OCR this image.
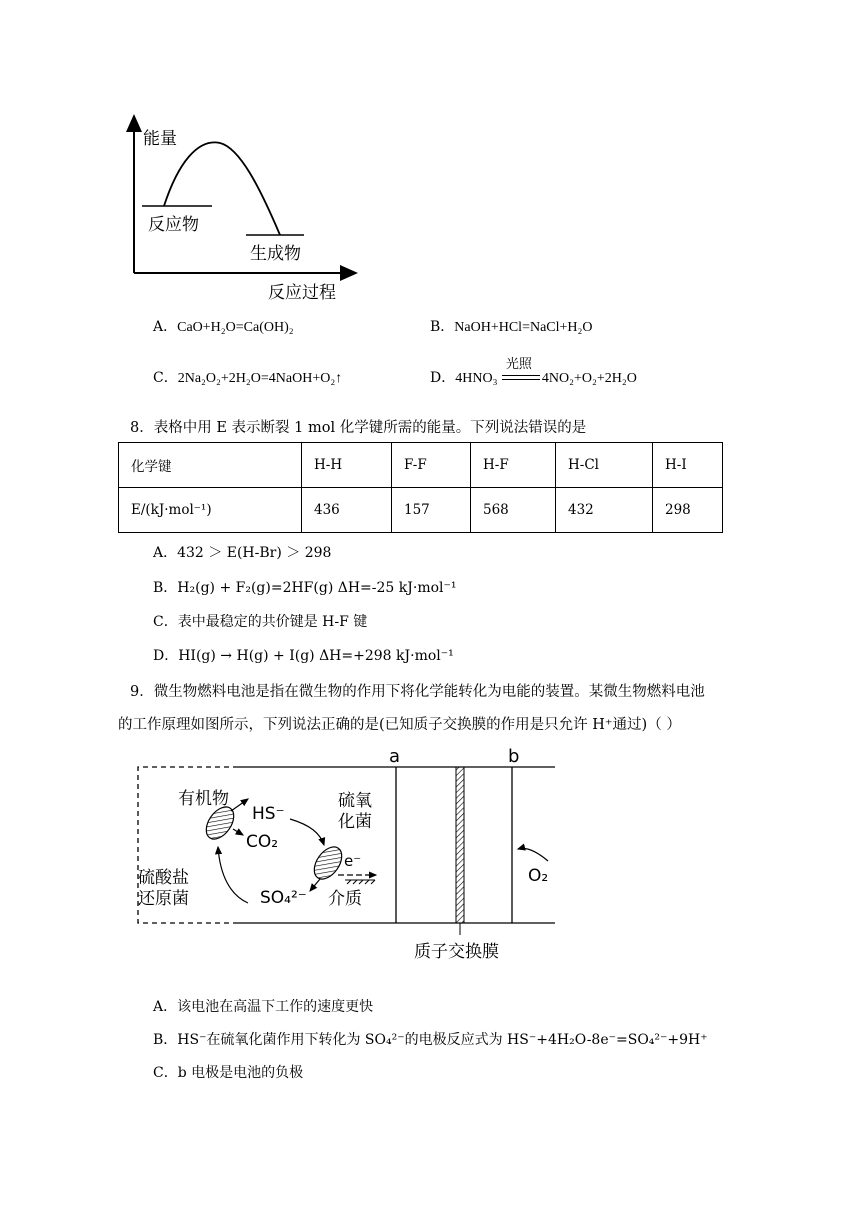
能量
反应物
生成物
反应过程
A．CaO+H₂O=Ca(OH)₂	B．NaOH+HCl=NaCl+H₂O
C．2Na₂O₂+2H₂O=4NaOH+O₂↑	D．4HNO₃
光照
4NO₂+O₂+2H₂O
8．表格中用 E 表示断裂 1 mol 化学键所需的能量。下列说法错误的是
化学键	H-H	F-F	H-F	H-Cl	H-I
E/(kJ·mol⁻¹)	436	157	568	432	298
A．432 ＞ E(H-Br) ＞ 298
B．H₂(g) + F₂(g)=2HF(g) ΔH=-25 kJ·mol⁻¹
C．表中最稳定的共价键是 H-F 键
D．HI(g) → H(g) + I(g) ΔH=+298 kJ·mol⁻¹
9．微生物燃料电池是指在微生物的作用下将化学能转化为电能的装置。某微生物燃料电池
的工作原理如图所示，下列说法正确的是(已知质子交换膜的作用是只允许 H⁺通过)（ ）
a	b
有机物
HS⁻
CO₂
硫氧
化菌
e⁻
介质
硫酸盐
还原菌	SO₄²⁻
O₂
质子交换膜
A．该电池在高温下工作的速度更快
B．HS⁻在硫氧化菌作用下转化为 SO₄²⁻的电极反应式为 HS⁻+4H₂O-8e⁻=SO₄²⁻+9H⁺
C．b 电极是电池的负极
